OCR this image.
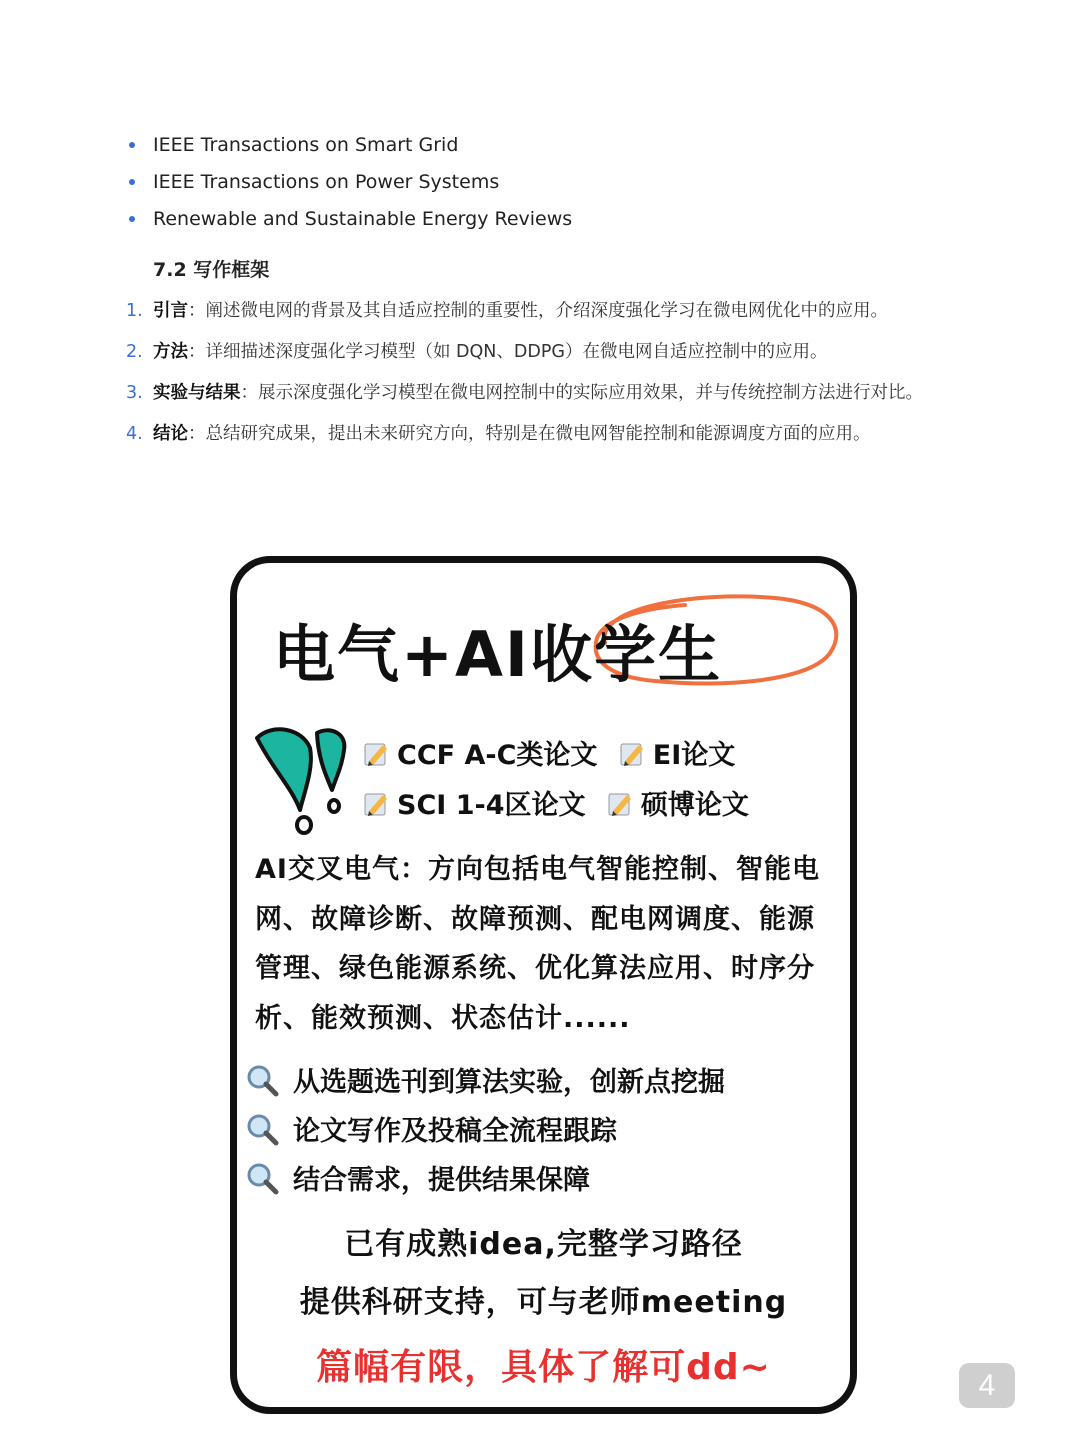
IEEE Transactions on Smart Grid
IEEE Transactions on Power Systems
Renewable and Sustainable Energy Reviews
7.2 写作框架
1. 引言：阐述微电网的背景及其自适应控制的重要性，介绍深度强化学习在微电网优化中的应用。
2. 方法：详细描述深度强化学习模型（如 DQN、DDPG）在微电网自适应控制中的应用。
3. 实验与结果：展示深度强化学习模型在微电网控制中的实际应用效果，并与传统控制方法进行对比。
4. 结论：总结研究成果，提出未来研究方向，特别是在微电网智能控制和能源调度方面的应用。
电气+AI收学生
CCF A-C类论文 EI论文
SCI 1-4区论文 硕博论文
AI交叉电气：方向包括电气智能控制、智能电网、故障诊断、故障预测、配电网调度、能源管理、绿色能源系统、优化算法应用、时序分析、能效预测、状态估计......
从选题选刊到算法实验，创新点挖掘
论文写作及投稿全流程跟踪
结合需求，提供结果保障
已有成熟idea,完整学习路径
提供科研支持，可与老师meeting
篇幅有限，具体了解可dd~	4
